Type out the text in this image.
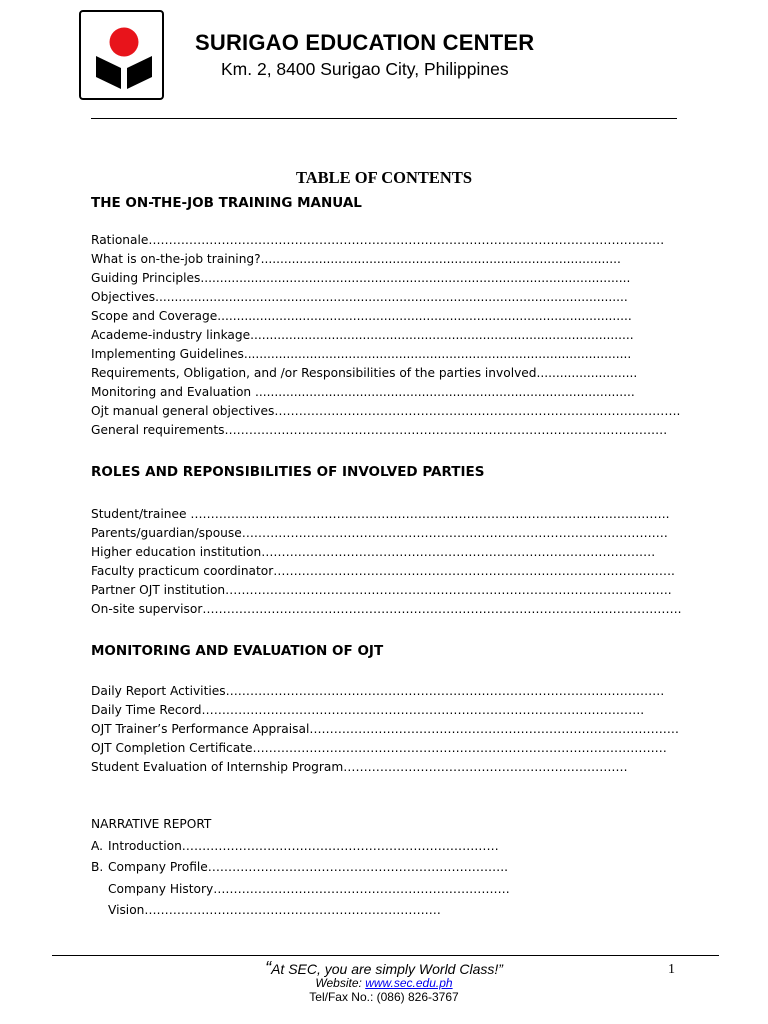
SURIGAO EDUCATION CENTER
Km. 2, 8400 Surigao City, Philippines
TABLE OF CONTENTS
THE ON-THE-JOB TRAINING MANUAL
Rationale……………………………………………………………………………………………………………….
What is on-the-job training?.............................................................................................
Guiding Principles...............................................................................................................
Objectives..........................................................................................................................
Scope and Coverage...........................................................................................................
Academe-industry linkage...................................................................................................
Implementing Guidelines....................................................................................................
Requirements, Obligation, and /or Responsibilities of the parties involved..........................
Monitoring and Evaluation ..................................................................................................
Ojt manual general objectives……………………………………………………………………………………….
General requirements……………………………………………………………………………………………….
ROLES AND REPONSIBILITIES OF INVOLVED PARTIES
Student/trainee ……………………………………………………………………………………………………….
Parents/guardian/spouse………………………………………………………………………………..………….
Higher education institution…………………………………………………………………………………….
Faculty practicum coordinator………………………………………………………………………………..…….
Partner OJT institution…………………………………………………………………………………………….….
On-site supervisor……………………………………………………………………………………………………….
MONITORING AND EVALUATION OF OJT
Daily Report Activities………………………………………………………………………………………………
Daily Time Record……………………………………………………………………………………………….
OJT Trainer’s Performance Appraisal……………………………………………………………………………….
OJT Completion Certificate…………………………………………………………………………………………
Student Evaluation of Internship Program…………………………………………………………….
NARRATIVE REPORT
A. Introduction……………………………………………………………………
B. Company Profile………………………………………………………………..
Company History……………………………………………………………….
Vision……………………………………………………………….
“At SEC, you are simply World Class!”
Website: www.sec.edu.ph
Tel/Fax No.: (086) 826-3767
1
